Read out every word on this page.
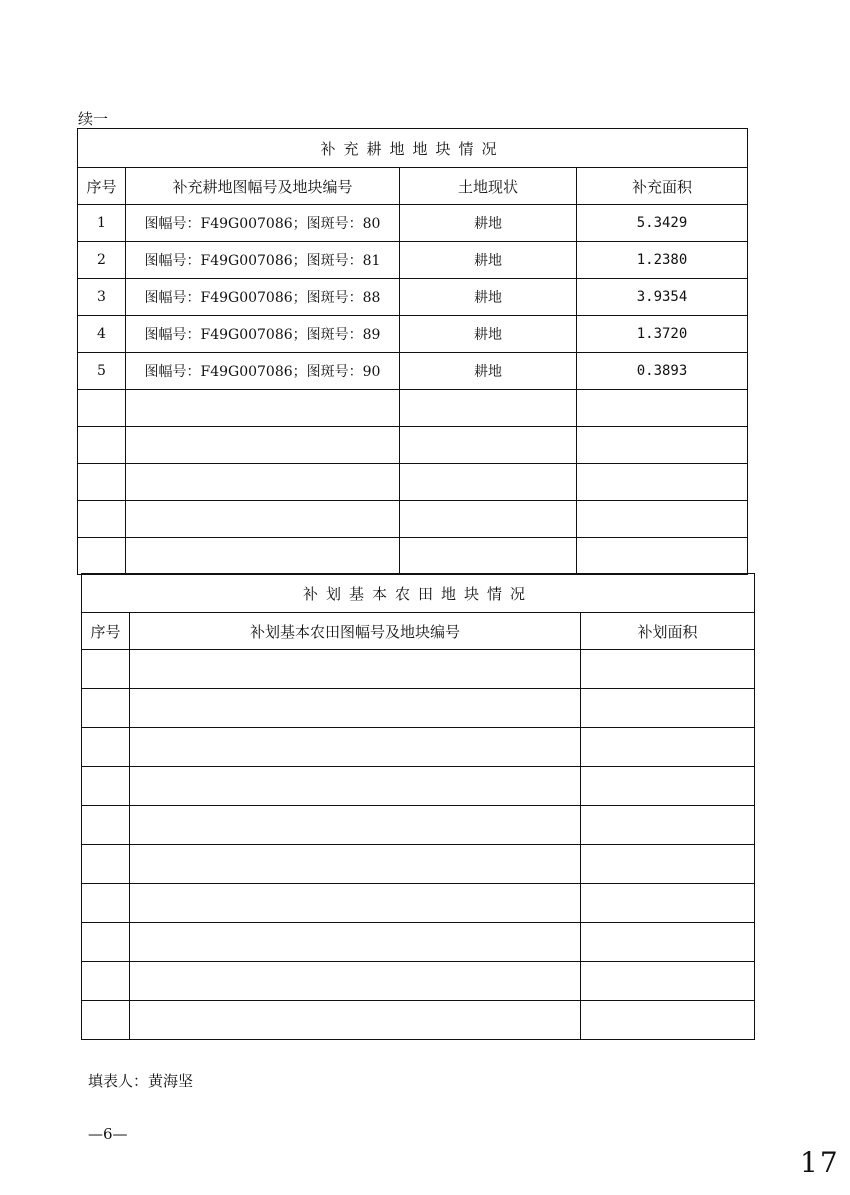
续一
补充耕地地块情况			
序号	补充耕地图幅号及地块编号	土地现状	补充面积
1	图幅号：F49G007086；图斑号：80	耕地	5.3429
2	图幅号：F49G007086；图斑号：81	耕地	1.2380
3	图幅号：F49G007086；图斑号：88	耕地	3.9354
4	图幅号：F49G007086；图斑号：89	耕地	1.3720
5	图幅号：F49G007086；图斑号：90	耕地	0.3893

补划基本农田地块情况		
序号	补划基本农田图幅号及地块编号	补划面积

填表人：黄海坚
—6—
17
